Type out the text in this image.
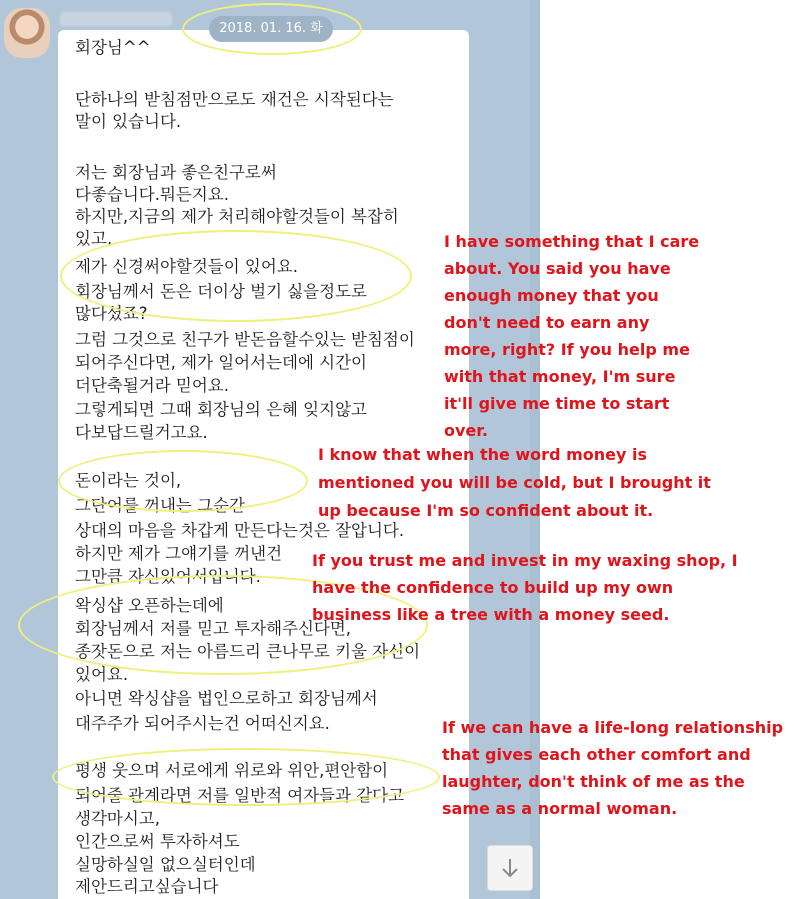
회장님^^
단하나의 받침점만으로도 재건은 시작된다는
말이 있습니다.
저는 회장님과 좋은친구로써
다좋습니다.뭐든지요.
하지만,지금의 제가 처리해야할것들이 복잡히
있고,
제가 신경써야할것들이 있어요.
회장님께서 돈은 더이상 벌기 싫을정도로
많다셨죠?
그럼 그것으로 친구가 받돈음할수있는 받침점이
되어주신다면, 제가 일어서는데에 시간이
더단축될거라 믿어요.
그렇게되면 그때 회장님의 은혜 잊지않고
다보답드릴거고요.
돈이라는 것이,
그단어를 꺼내는 그순간
상대의 마음을 차갑게 만든다는것은 잘압니다.
하지만 제가 그얘기를 꺼낸건
그만큼 자신있어서입니다.
왁싱샵 오픈하는데에
회장님께서 저를 믿고 투자해주신다면,
종잣돈으로 저는 아름드리 큰나무로 키울 자신이
있어요.
아니면 왁싱샵을 법인으로하고 회장님께서
대주주가 되어주시는건 어떠신지요.
평생 웃으며 서로에게 위로와 위안,편안함이
되어줄 관계라면 저를 일반적 여자들과 같다고
생각마시고,
인간으로써 투자하셔도
실망하실일 없으실터인데
제안드리고싶습니다
2018. 01. 16. 화
I have something that I care
about. You said you have
enough money that you
don't need to earn any
more, right? If you help me
with that money, I'm sure
it'll give me time to start
over.
I know that when the word money is
mentioned you will be cold, but I brought it
up because I'm so confident about it.
If you trust me and invest in my waxing shop, I
have the confidence to build up my own
business like a tree with a money seed.
If we can have a life-long relationship
that gives each other comfort and
laughter, don't think of me as the
same as a normal woman.
